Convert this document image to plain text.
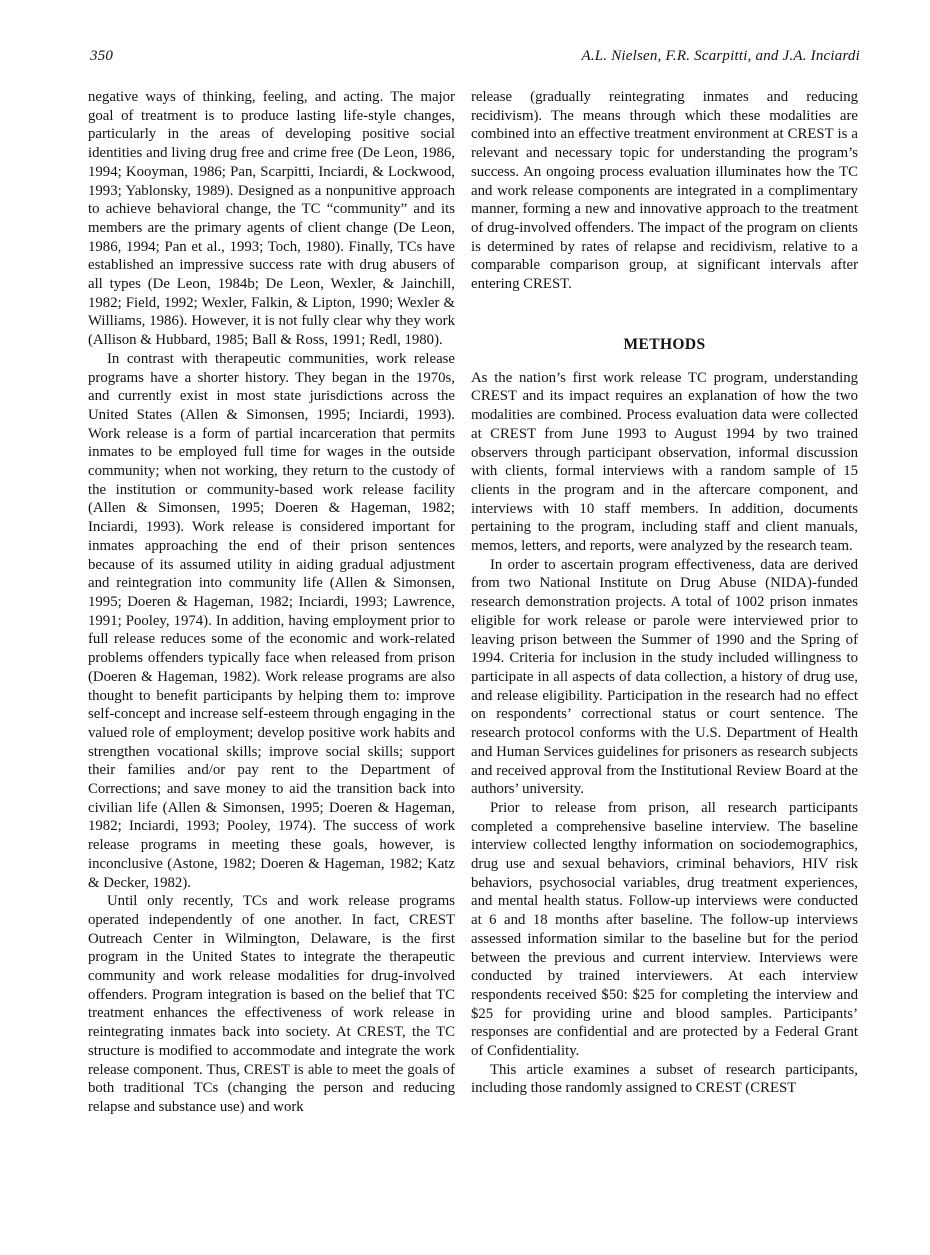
350	A.L. Nielsen, F.R. Scarpitti, and J.A. Inciardi

negative ways of thinking, feeling, and acting. The major goal of treatment is to produce lasting life-style changes, particularly in the areas of developing positive social identities and living drug free and crime free (De Leon, 1986, 1994; Kooyman, 1986; Pan, Scarpitti, Inciardi, & Lockwood, 1993; Yablonsky, 1989). Designed as a nonpunitive approach to achieve behavioral change, the TC “community” and its members are the primary agents of client change (De Leon, 1986, 1994; Pan et al., 1993; Toch, 1980). Finally, TCs have established an impressive success rate with drug abusers of all types (De Leon, 1984b; De Leon, Wexler, & Jainchill, 1982; Field, 1992; Wexler, Falkin, & Lipton, 1990; Wexler & Williams, 1986). However, it is not fully clear why they work (Allison & Hubbard, 1985; Ball & Ross, 1991; Redl, 1980).

In contrast with therapeutic communities, work release programs have a shorter history. They began in the 1970s, and currently exist in most state jurisdictions across the United States (Allen & Simonsen, 1995; Inciardi, 1993). Work release is a form of partial incarceration that permits inmates to be employed full time for wages in the outside community; when not working, they return to the custody of the institution or community-based work release facility (Allen & Simonsen, 1995; Doeren & Hageman, 1982; Inciardi, 1993). Work release is considered important for inmates approaching the end of their prison sentences because of its assumed utility in aiding gradual adjustment and reintegration into community life (Allen & Simonsen, 1995; Doeren & Hageman, 1982; Inciardi, 1993; Lawrence, 1991; Pooley, 1974). In addition, having employment prior to full release reduces some of the economic and work-related problems offenders typically face when released from prison (Doeren & Hageman, 1982). Work release programs are also thought to benefit participants by helping them to: improve self-concept and increase self-esteem through engaging in the valued role of employment; develop positive work habits and strengthen vocational skills; improve social skills; support their families and/or pay rent to the Department of Corrections; and save money to aid the transition back into civilian life (Allen & Simonsen, 1995; Doeren & Hageman, 1982; Inciardi, 1993; Pooley, 1974). The success of work release programs in meeting these goals, however, is inconclusive (Astone, 1982; Doeren & Hageman, 1982; Katz & Decker, 1982).

Until only recently, TCs and work release programs operated independently of one another. In fact, CREST Outreach Center in Wilmington, Delaware, is the first program in the United States to integrate the therapeutic community and work release modalities for drug-involved offenders. Program integration is based on the belief that TC treatment enhances the effectiveness of work release in reintegrating inmates back into society. At CREST, the TC structure is modified to accommodate and integrate the work release component. Thus, CREST is able to meet the goals of both traditional TCs (changing the person and reducing relapse and substance use) and work

release (gradually reintegrating inmates and reducing recidivism). The means through which these modalities are combined into an effective treatment environment at CREST is a relevant and necessary topic for understanding the program’s success. An ongoing process evaluation illuminates how the TC and work release components are integrated in a complimentary manner, forming a new and innovative approach to the treatment of drug-involved offenders. The impact of the program on clients is determined by rates of relapse and recidivism, relative to a comparable comparison group, at significant intervals after entering CREST.

METHODS

As the nation’s first work release TC program, understanding CREST and its impact requires an explanation of how the two modalities are combined. Process evaluation data were collected at CREST from June 1993 to August 1994 by two trained observers through participant observation, informal discussion with clients, formal interviews with a random sample of 15 clients in the program and in the aftercare component, and interviews with 10 staff members. In addition, documents pertaining to the program, including staff and client manuals, memos, letters, and reports, were analyzed by the research team.

In order to ascertain program effectiveness, data are derived from two National Institute on Drug Abuse (NIDA)-funded research demonstration projects. A total of 1002 prison inmates eligible for work release or parole were interviewed prior to leaving prison between the Summer of 1990 and the Spring of 1994. Criteria for inclusion in the study included willingness to participate in all aspects of data collection, a history of drug use, and release eligibility. Participation in the research had no effect on respondents’ correctional status or court sentence. The research protocol conforms with the U.S. Department of Health and Human Services guidelines for prisoners as research subjects and received approval from the Institutional Review Board at the authors’ university.

Prior to release from prison, all research participants completed a comprehensive baseline interview. The baseline interview collected lengthy information on sociodemographics, drug use and sexual behaviors, criminal behaviors, HIV risk behaviors, psychosocial variables, drug treatment experiences, and mental health status. Follow-up interviews were conducted at 6 and 18 months after baseline. The follow-up interviews assessed information similar to the baseline but for the period between the previous and current interview. Interviews were conducted by trained interviewers. At each interview respondents received $50: $25 for completing the interview and $25 for providing urine and blood samples. Participants’ responses are confidential and are protected by a Federal Grant of Confidentiality.

This article examines a subset of research participants, including those randomly assigned to CREST (CREST
